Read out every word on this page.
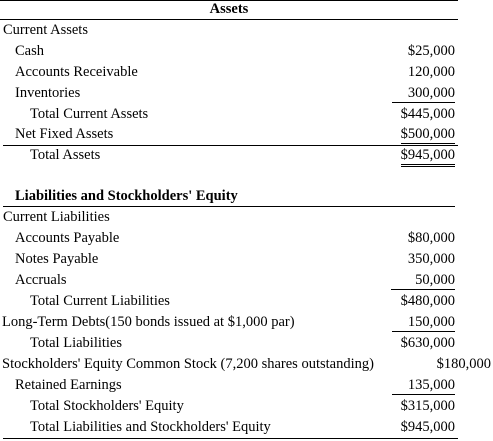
Assets
Current Assets
Cash	$25,000
Accounts Receivable	120,000
Inventories	300,000
Total Current Assets	$445,000
Net Fixed Assets	$500,000
Total Assets	$945,000
Liabilities and Stockholders' Equity
Current Liabilities
Accounts Payable	$80,000
Notes Payable	350,000
Accruals	50,000
Total Current Liabilities	$480,000
Long-Term Debts(150 bonds issued at $1,000 par)	150,000
Total Liabilities	$630,000
Stockholders' Equity Common Stock (7,200 shares outstanding)	$180,000
Retained Earnings	135,000
Total Stockholders' Equity	$315,000
Total Liabilities and Stockholders' Equity	$945,000
